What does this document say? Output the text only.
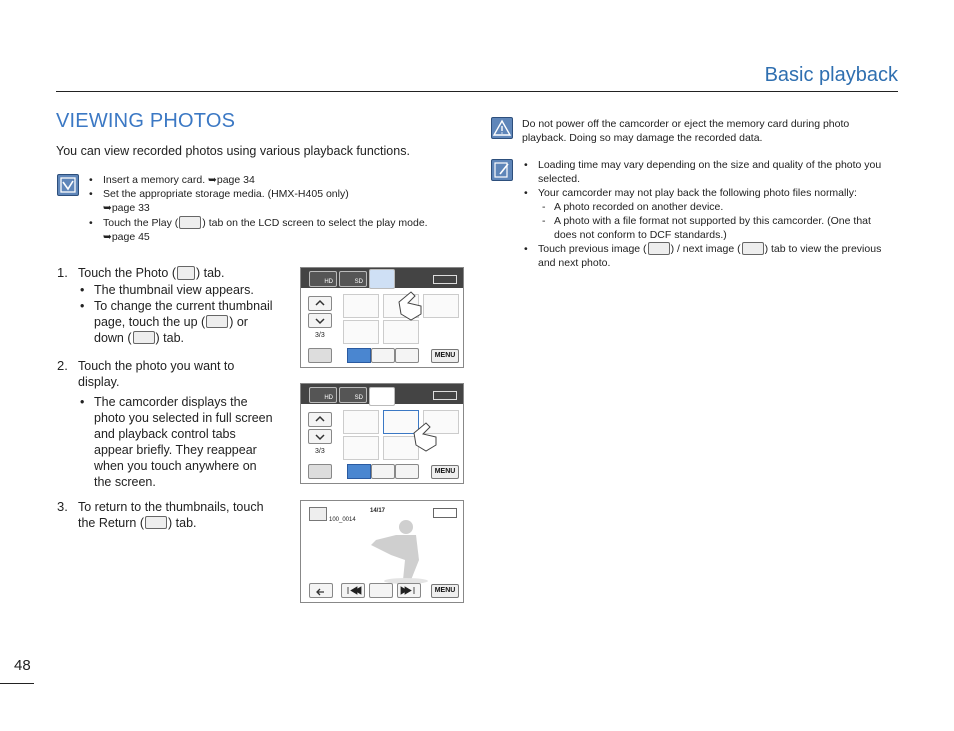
Basic playback
VIEWING PHOTOS
You can view recorded photos using various playback functions.
• Insert a memory card. ➥page 34
• Set the appropriate storage media. (HMX-H405 only)
➥page 33
• Touch the Play ( ) tab on the LCD screen to select the play mode.
➥page 45
1. Touch the Photo ( ) tab.
• The thumbnail view appears.
• To change the current thumbnail page, touch the up ( ) or down ( ) tab.
2. Touch the photo you want to display.
• The camcorder displays the photo you selected in full screen and playback control tabs appear briefly. They reappear when you touch anywhere on the screen.
3. To return to the thumbnails, touch the Return ( ) tab.
HD	SD
3/3
MENU
HD	SD
3/3
MENU
100_0014
14/17
MENU
Do not power off the camcorder or eject the memory card during photo playback. Doing so may damage the recorded data.
• Loading time may vary depending on the size and quality of the photo you selected.
• Your camcorder may not play back the following photo files normally:
- A photo recorded on another device.
- A photo with a file format not supported by this camcorder. (One that does not conform to DCF standards.)
• Touch previous image ( ) / next image ( ) tab to view the previous and next photo.
48
